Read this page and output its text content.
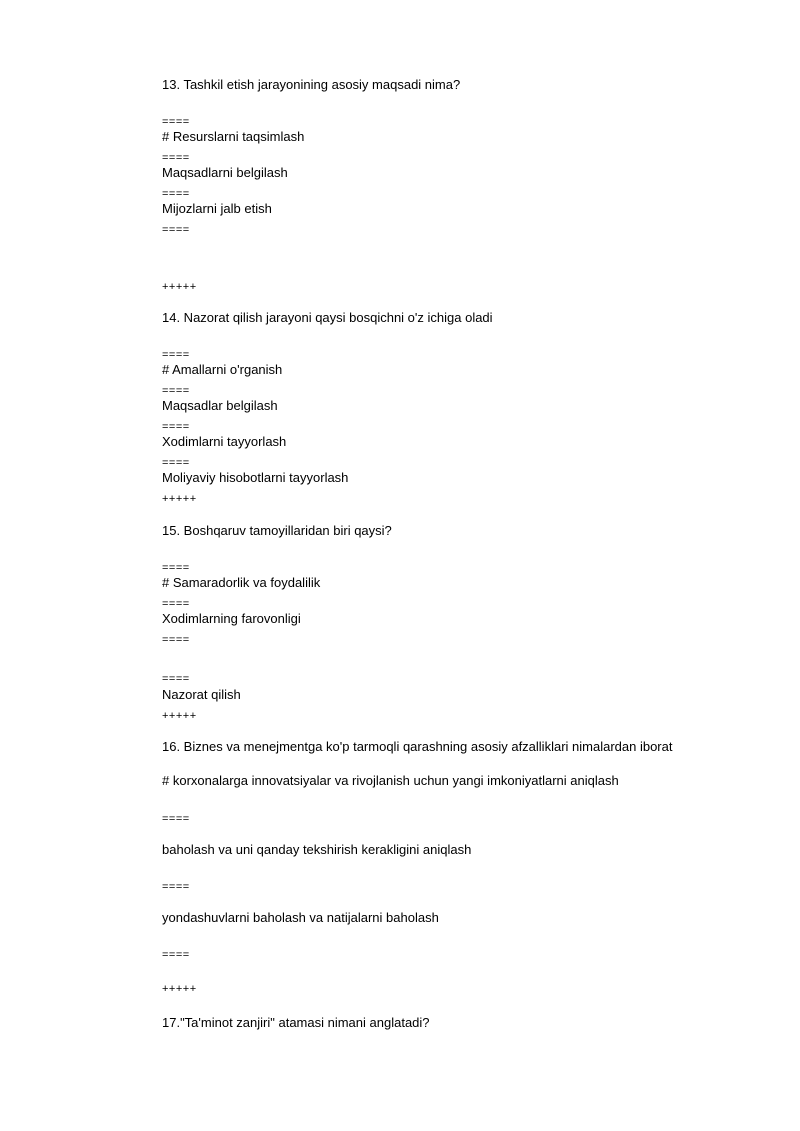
13. Tashkil etish jarayonining asosiy maqsadi nima?
====
# Resurslarni taqsimlash
====
Maqsadlarni belgilash
====
Mijozlarni jalb etish
====
+++++
14. Nazorat qilish jarayoni qaysi bosqichni o'z ichiga oladi
====
# Amallarni o'rganish
====
Maqsadlar belgilash
====
Xodimlarni tayyorlash
====
Moliyaviy hisobotlarni tayyorlash
+++++
15. Boshqaruv tamoyillaridan biri qaysi?
====
# Samaradorlik va foydalilik
====
Xodimlarning farovonligi
====
====
Nazorat qilish
+++++
16. Biznes va menejmentga ko'p tarmoqli qarashning asosiy afzalliklari nimalardan iborat
# korxonalarga innovatsiyalar va rivojlanish uchun yangi imkoniyatlarni aniqlash
====
baholash va uni qanday tekshirish kerakligini aniqlash
====
yondashuvlarni baholash va natijalarni baholash
====
+++++
17."Ta'minot zanjiri" atamasi nimani anglatadi?
